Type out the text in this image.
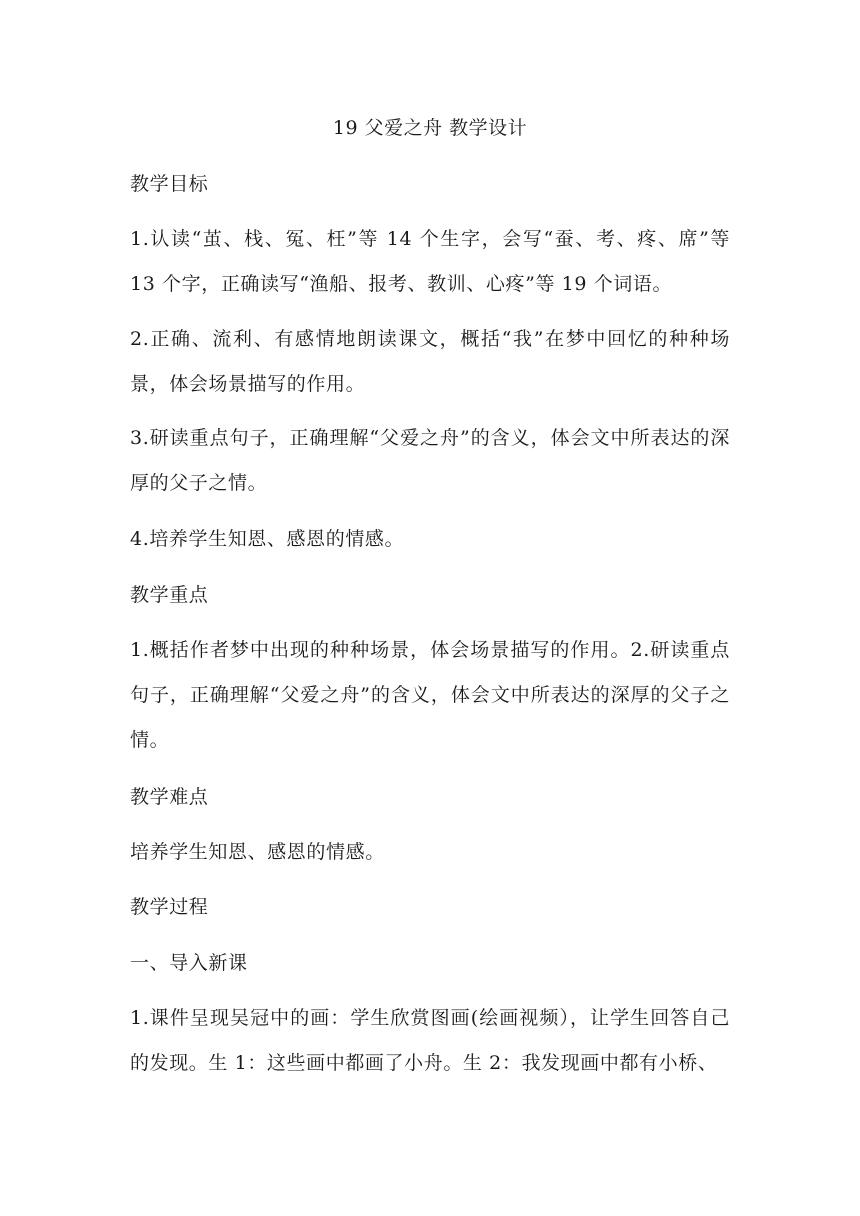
19 父爱之舟 教学设计

教学目标

1.认读“茧、栈、冤、枉”等 14 个生字，会写“蚕、考、疼、席”等 13 个字，正确读写“渔船、报考、教训、心疼”等 19 个词语。

2.正确、流利、有感情地朗读课文，概括“我”在梦中回忆的种种场景，体会场景描写的作用。

3.研读重点句子，正确理解“父爱之舟”的含义，体会文中所表达的深厚的父子之情。

4.培养学生知恩、感恩的情感。

教学重点

1.概括作者梦中出现的种种场景，体会场景描写的作用。2.研读重点句子，正确理解“父爱之舟”的含义，体会文中所表达的深厚的父子之情。

教学难点

培养学生知恩、感恩的情感。

教学过程

一、导入新课

1.课件呈现吴冠中的画：学生欣赏图画(绘画视频），让学生回答自己的发现。生 1：这些画中都画了小舟。生 2：我发现画中都有小桥、
